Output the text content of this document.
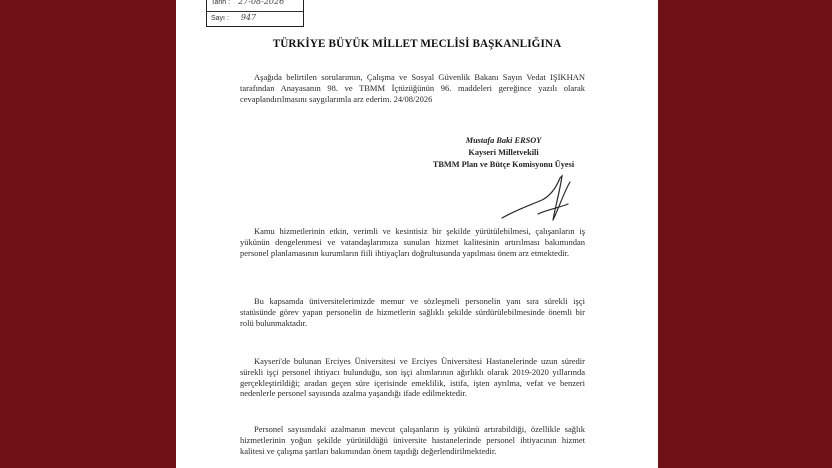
Tarih : 27-08-2026
Sayı : 947
TÜRKİYE BÜYÜK MİLLET MECLİSİ BAŞKANLIĞINA
Aşağıda belirtilen sorularımın, Çalışma ve Sosyal Güvenlik Bakanı Sayın Vedat IŞIKHAN tarafından Anayasanın 98. ve TBMM İçtüzüğünün 96. maddeleri gereğince yazılı olarak cevaplandırılmasını saygılarımla arz ederim. 24/08/2026
Mustafa Baki ERSOY
Kayseri Milletvekili
TBMM Plan ve Bütçe Komisyonu Üyesi
Kamu hizmetlerinin etkin, verimli ve kesintisiz bir şekilde yürütülebilmesi, çalışanların iş yükünün dengelenmesi ve vatandaşlarımıza sunulan hizmet kalitesinin artırılması bakımından personel planlamasının kurumların fiili ihtiyaçları doğrultusunda yapılması önem arz etmektedir.
Bu kapsamda üniversitelerimizde memur ve sözleşmeli personelin yanı sıra sürekli işçi statüsünde görev yapan personelin de hizmetlerin sağlıklı şekilde sürdürülebilmesinde önemli bir rolü bulunmaktadır.
Kayseri'de bulunan Erciyes Üniversitesi ve Erciyes Üniversitesi Hastanelerinde uzun süredir sürekli işçi personel ihtiyacı bulunduğu, son işçi alımlarının ağırlıklı olarak 2019-2020 yıllarında gerçekleştirildiği; aradan geçen süre içerisinde emeklilik, istifa, işten ayrılma, vefat ve benzeri nedenlerle personel sayısında azalma yaşandığı ifade edilmektedir.
Personel sayısındaki azalmanın mevcut çalışanların iş yükünü artırabildiği, özellikle sağlık hizmetlerinin yoğun şekilde yürütüldüğü üniversite hastanelerinde personel ihtiyacının hizmet kalitesi ve çalışma şartları bakımından önem taşıdığı değerlendirilmektedir.
